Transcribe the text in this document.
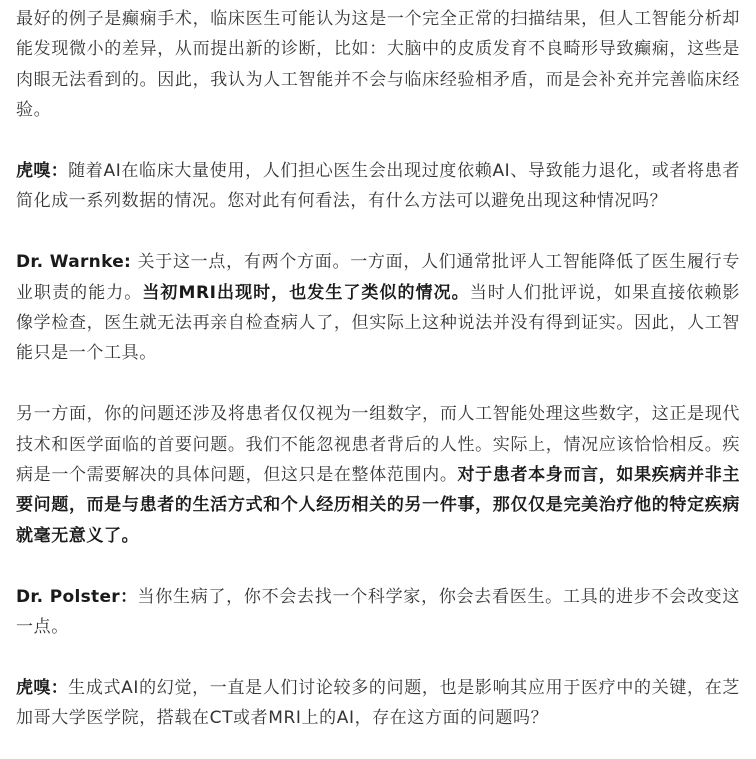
最好的例子是癫痫手术，临床医生可能认为这是一个完全正常的扫描结果，但人工智能分析却能发现微小的差异，从而提出新的诊断，比如：大脑中的皮质发育不良畸形导致癫痫，这些是肉眼无法看到的。因此，我认为人工智能并不会与临床经验相矛盾，而是会补充并完善临床经验。

虎嗅：随着AI在临床大量使用，人们担心医生会出现过度依赖AI、导致能力退化，或者将患者简化成一系列数据的情况。您对此有何看法，有什么方法可以避免出现这种情况吗？

Dr. Warnke: 关于这一点，有两个方面。一方面，人们通常批评人工智能降低了医生履行专业职责的能力。当初MRI出现时，也发生了类似的情况。当时人们批评说，如果直接依赖影像学检查，医生就无法再亲自检查病人了，但实际上这种说法并没有得到证实。因此，人工智能只是一个工具。

另一方面，你的问题还涉及将患者仅仅视为一组数字，而人工智能处理这些数字，这正是现代技术和医学面临的首要问题。我们不能忽视患者背后的人性。实际上，情况应该恰恰相反。疾病是一个需要解决的具体问题，但这只是在整体范围内。对于患者本身而言，如果疾病并非主要问题，而是与患者的生活方式和个人经历相关的另一件事，那仅仅是完美治疗他的特定疾病就毫无意义了。

Dr. Polster：当你生病了，你不会去找一个科学家，你会去看医生。工具的进步不会改变这一点。

虎嗅：生成式AI的幻觉，一直是人们讨论较多的问题，也是影响其应用于医疗中的关键，在芝加哥大学医学院，搭载在CT或者MRI上的AI，存在这方面的问题吗？
